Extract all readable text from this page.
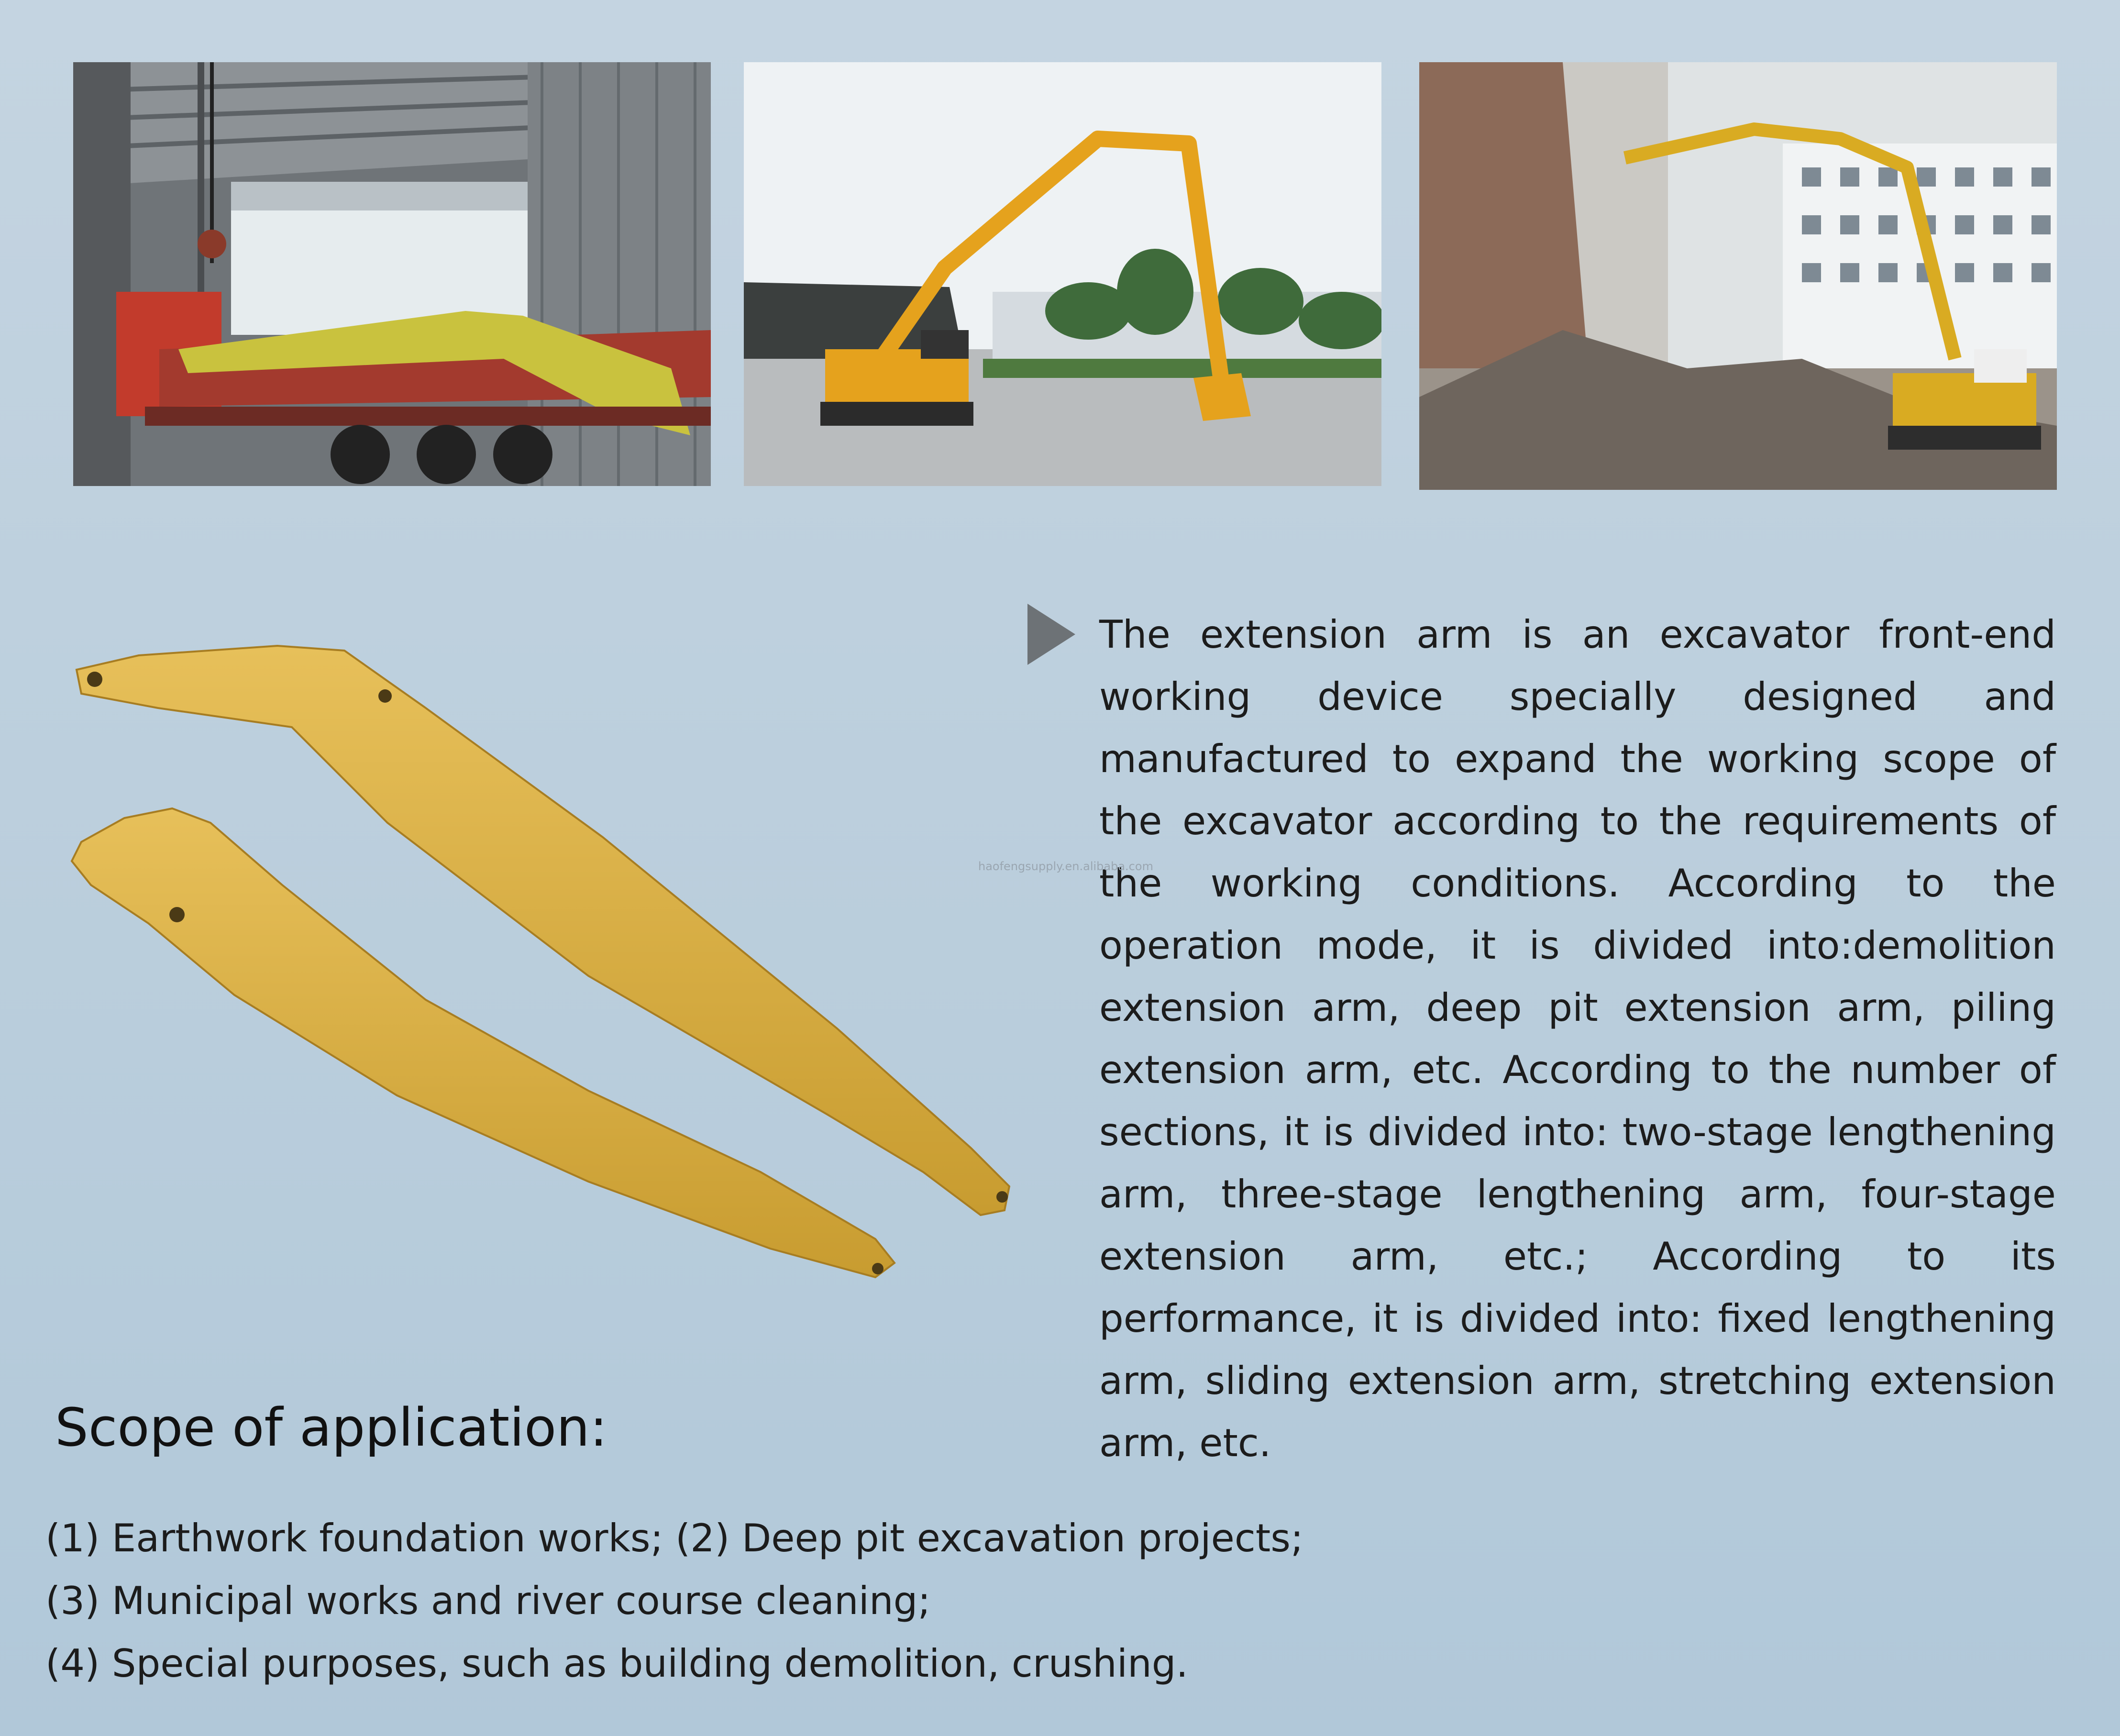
The extension arm is an excavator front-end working device specially designed and manufactured to expand the working scope of the excavator according to the requirements of the working conditions. According to the operation mode, it is divided into:demolition extension arm, deep pit extension arm, piling extension arm, etc. According to the number of sections, it is divided into: two-stage lengthening arm, three-stage lengthening arm, four-stage extension arm, etc.; According to its performance, it is divided into: fixed lengthening arm, sliding extension arm, stretching extension arm, etc.

haofengsupply.en.alibaba.com
Scope of application:
(1) Earthwork foundation works; (2) Deep pit excavation projects;
(3) Municipal works and river course cleaning;
(4) Special purposes, such as building demolition, crushing.
